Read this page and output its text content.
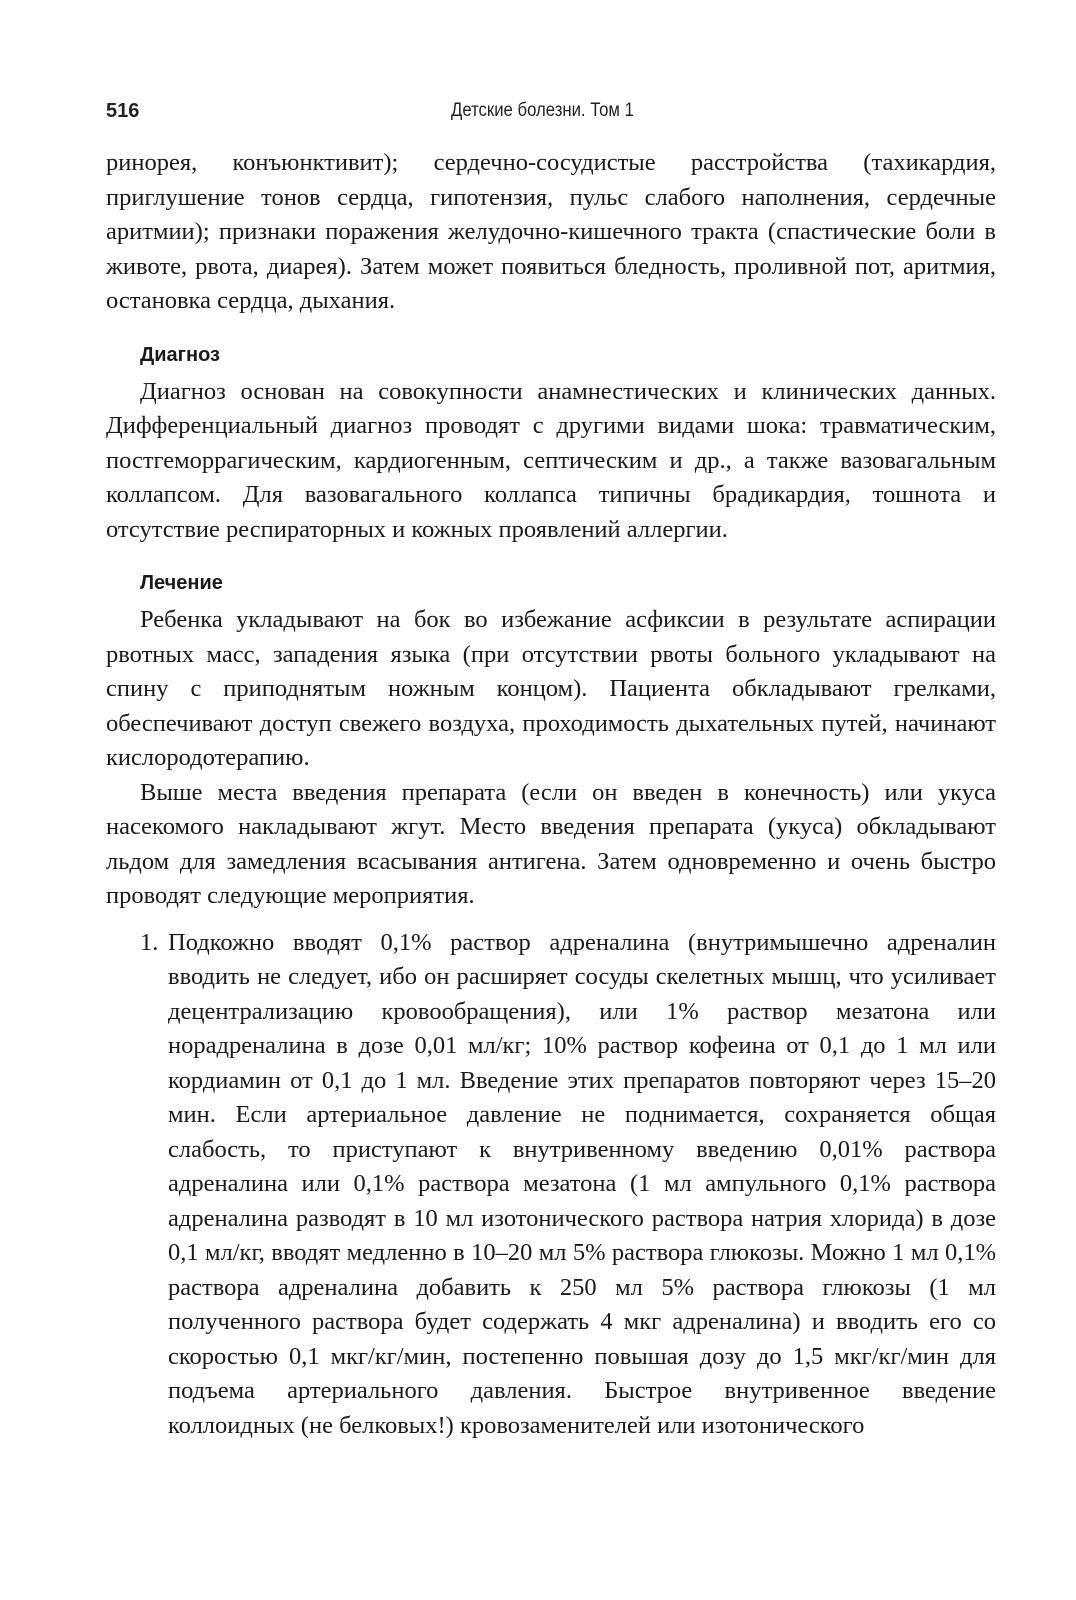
516	Детские болезни. Том 1

ринорея, конъюнктивит); сердечно-сосудистые расстройства (тахикардия, приглушение тонов сердца, гипотензия, пульс слабого наполнения, сердечные аритмии); признаки поражения желудочно-кишечного тракта (спастические боли в животе, рвота, диарея). Затем может появиться бледность, проливной пот, аритмия, остановка сердца, дыхания.

Диагноз

Диагноз основан на совокупности анамнестических и клинических данных. Дифференциальный диагноз проводят с другими видами шока: травматическим, постгеморрагическим, кардиогенным, септическим и др., а также вазовагальным коллапсом. Для вазовагального коллапса типичны брадикардия, тошнота и отсутствие респираторных и кожных проявлений аллергии.

Лечение

Ребенка укладывают на бок во избежание асфиксии в результате аспирации рвотных масс, западения языка (при отсутствии рвоты больного укладывают на спину с приподнятым ножным концом). Пациента обкладывают грелками, обеспечивают доступ свежего воздуха, проходимость дыхательных путей, начинают кислородотерапию.

Выше места введения препарата (если он введен в конечность) или укуса насекомого накладывают жгут. Место введения препарата (укуса) обкладывают льдом для замедления всасывания антигена. Затем одновременно и очень быстро проводят следующие мероприятия.

1. Подкожно вводят 0,1% раствор адреналина (внутримышечно адреналин вводить не следует, ибо он расширяет сосуды скелетных мышц, что усиливает децентрализацию кровообращения), или 1% раствор мезатона или норадреналина в дозе 0,01 мл/кг; 10% раствор кофеина от 0,1 до 1 мл или кордиамин от 0,1 до 1 мл. Введение этих препаратов повторяют через 15–20 мин. Если артериальное давление не поднимается, сохраняется общая слабость, то приступают к внутривенному введению 0,01% раствора адреналина или 0,1% раствора мезатона (1 мл ампульного 0,1% раствора адреналина разводят в 10 мл изотонического раствора натрия хлорида) в дозе 0,1 мл/кг, вводят медленно в 10–20 мл 5% раствора глюкозы. Можно 1 мл 0,1% раствора адреналина добавить к 250 мл 5% раствора глюкозы (1 мл полученного раствора будет содержать 4 мкг адреналина) и вводить его со скоростью 0,1 мкг/кг/мин, постепенно повышая дозу до 1,5 мкг/кг/мин для подъема артериального давления. Быстрое внутривенное введение коллоидных (не белковых!) кровозаменителей или изотонического
